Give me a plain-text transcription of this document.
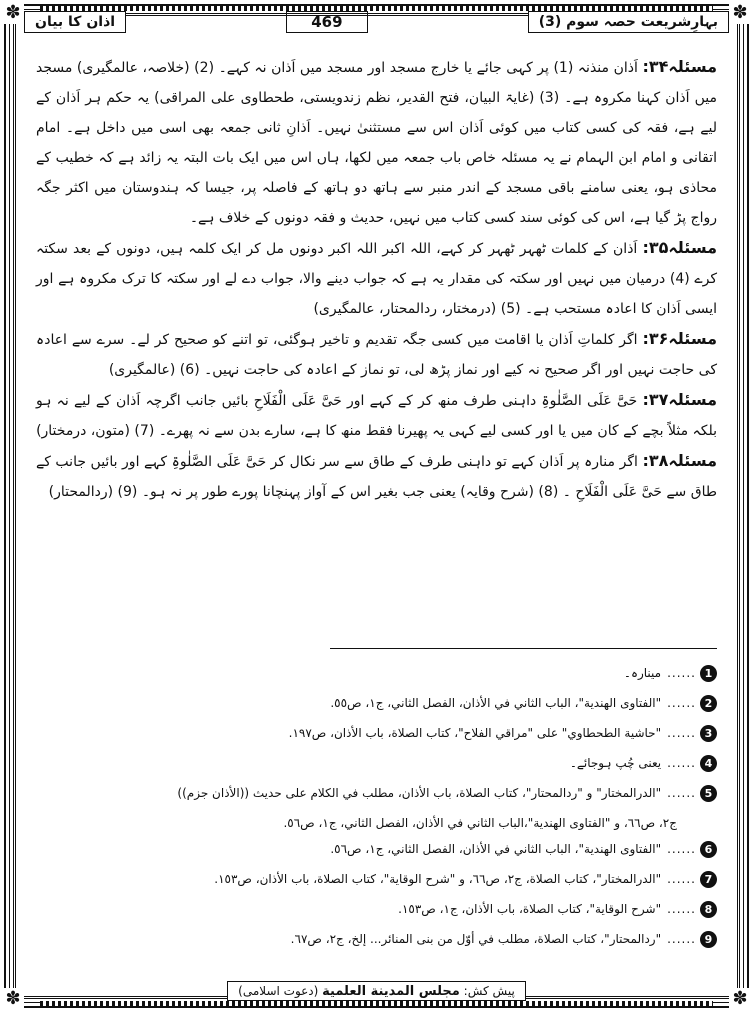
✽	✽
✽	✽
بہارِشریعت حصہ سوم (3)
469
اذان کا بیان

مسئلہ۳۴: اَذان منذنہ (1) پر کہی جائے یا خارج مسجد اور مسجد میں اَذان نہ کہے۔ (2) (خلاصہ، عالمگیری) مسجد میں اَذان کہنا مکروہ ہے۔ (3) (غایۃ البیان، فتح القدیر، نظم زندویستی، طحطاوی علی المراقی) یہ حکم ہر اَذان کے لیے ہے، فقہ کی کسی کتاب میں کوئی اَذان اس سے مستثنیٰ نہیں۔ اَذانِ ثانی جمعہ بھی اسی میں داخل ہے۔ امام اتقانی و امام ابن الہمام نے یہ مسئلہ خاص باب جمعہ میں لکھا، ہاں اس میں ایک بات البتہ یہ زائد ہے کہ خطیب کے محاذی ہو، یعنی سامنے باقی مسجد کے اندر منبر سے ہاتھ دو ہاتھ کے فاصلہ پر، جیسا کہ ہندوستان میں اکثر جگہ رواج پڑ گیا ہے، اس کی کوئی سند کسی کتاب میں نہیں، حدیث و فقہ دونوں کے خلاف ہے۔

مسئلہ۳۵: اَذان کے کلمات ٹھہر ٹھہر کر کہے، اللہ اکبر اللہ اکبر دونوں مل کر ایک کلمہ ہیں، دونوں کے بعد سکتہ کرے (4) درمیان میں نہیں اور سکتہ کی مقدار یہ ہے کہ جواب دینے والا، جواب دے لے اور سکتہ کا ترک مکروہ ہے اور ایسی اَذان کا اعادہ مستحب ہے۔ (5) (درمختار، ردالمحتار، عالمگیری)

مسئلہ۳۶: اگر کلماتِ اَذان یا اقامت میں کسی جگہ تقدیم و تاخیر ہوگئی، تو اتنے کو صحیح کر لے۔ سرے سے اعادہ کی حاجت نہیں اور اگر صحیح نہ کیے اور نماز پڑھ لی، تو نماز کے اعادہ کی حاجت نہیں۔ (6) (عالمگیری)

مسئلہ۳۷: حَیَّ عَلَی الصَّلٰوۃِ داہنی طرف منھ کر کے کہے اور حَیَّ عَلَی الْفَلَاحِ بائیں جانب اگرچہ اَذان کے لیے نہ ہو بلکہ مثلاً بچے کے کان میں یا اور کسی لیے کہی یہ پھیرنا فقط منھ کا ہے، سارے بدن سے نہ پھرے۔ (7) (متون، درمختار)

مسئلہ۳۸: اگر منارہ پر اَذان کہے تو داہنی طرف کے طاق سے سر نکال کر حَیَّ عَلَی الصَّلٰوۃِ کہے اور بائیں جانب کے طاق سے حَیَّ عَلَی الْفَلَاحِ ۔ (8) (شرح وقایہ) یعنی جب بغیر اس کے آواز پہنچانا پورے طور پر نہ ہو۔ (9) (ردالمحتار)

1
......
مینارہ۔
2
......
"الفتاوی الهندية"، الباب الثاني في الأذان، الفصل الثاني، ج١، ص٥٥.
3
......
"حاشية الطحطاوي" على "مراقي الفلاح"، كتاب الصلاة، باب الأذان، ص١٩٧.
4
......
یعنی چُپ ہوجائے۔
5
......
"الدرالمختار" و "ردالمحتار"، كتاب الصلاة، باب الأذان، مطلب في الكلام على حديث ((الأذان جزم))
ج٢، ص٦٦، و "الفتاوى الهندية"،الباب الثاني في الأذان، الفصل الثاني، ج١، ص٥٦.
6
......
"الفتاوى الهندية"، الباب الثاني في الأذان، الفصل الثاني، ج١، ص٥٦.
7
......
"الدرالمختار"، كتاب الصلاة، ج٢، ص٦٦، و "شرح الوقاية"، كتاب الصلاة، باب الأذان، ص١٥٣.
8
......
"شرح الوقاية"، كتاب الصلاة، باب الأذان، ج١، ص١٥٣.
9
......
"ردالمحتار"، كتاب الصلاة، مطلب في أوّل من بنى المنائر... إلخ، ج٢، ص٦٧.
پیش کش: مجلس المدينة العلمية (دعوت اسلامی)
